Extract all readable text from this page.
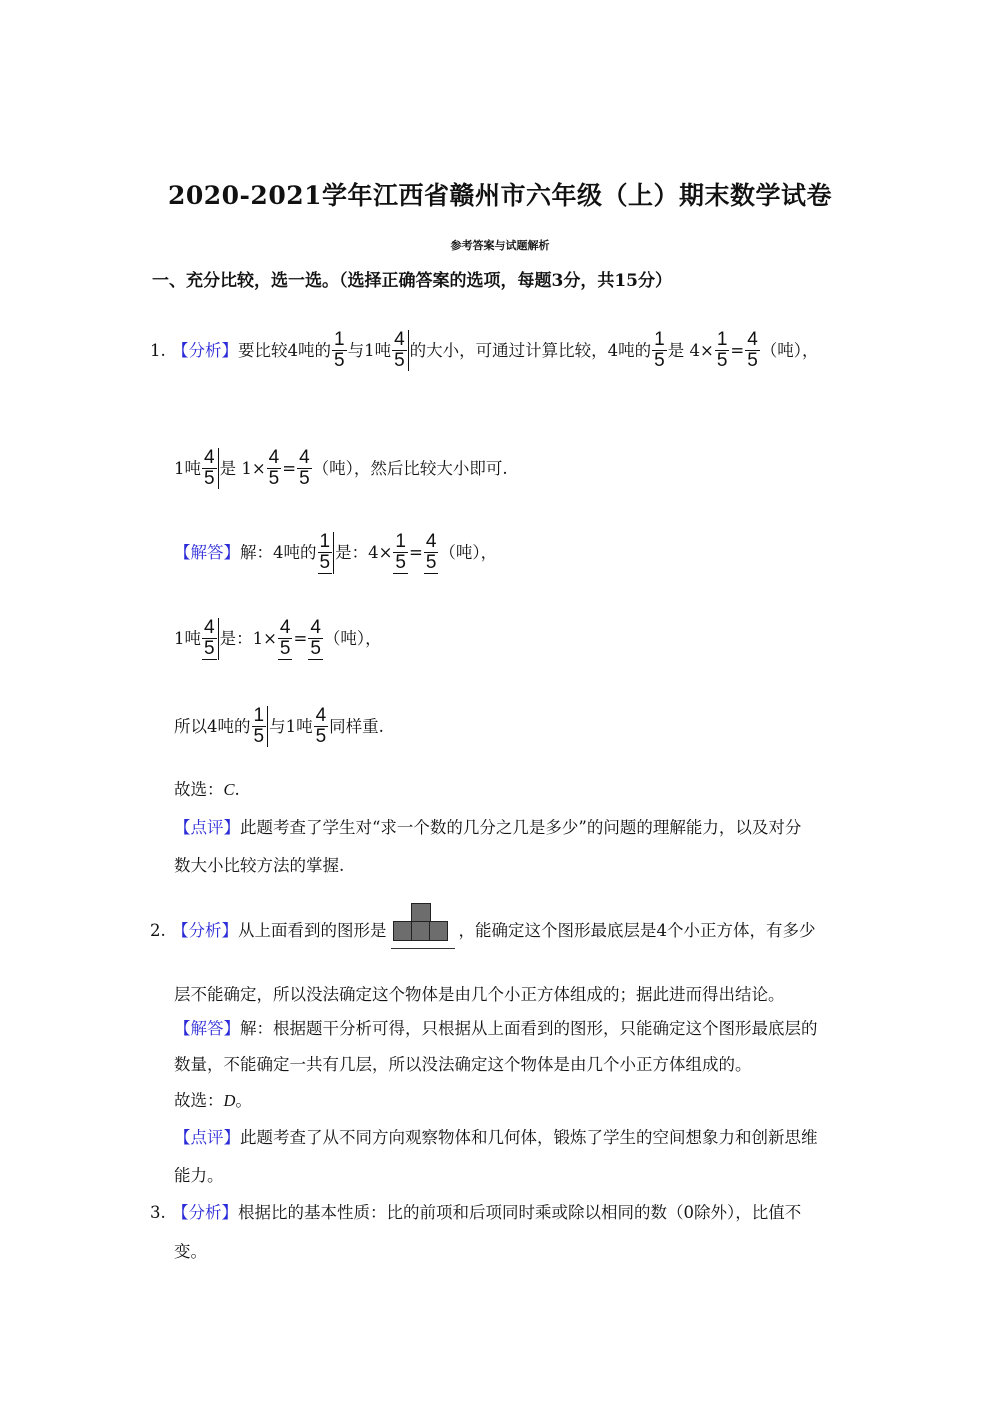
2020-2021学年江西省赣州市六年级（上）期末数学试卷
参考答案与试题解析
一、充分比较，选一选。（选择正确答案的选项，每题3分，共15分）
1. 【分析】 要比较4吨的 $\frac{1}{5}$ 与1吨 $\frac{4}{5}$ 的大小，可通过计算比较，4吨的 $\frac{1}{5}$ 是 $4\times \frac{1}{5} = \frac{4}{5}$ （吨），
1吨 $\frac{4}{5}$ 是 $1\times \frac{4}{5} = \frac{4}{5}$ （吨），然后比较大小即可.
【解答】 解：4吨的 $\frac{1}{5}$ 是：$4\times \frac{1}{5} = \frac{4}{5}$ （吨），
1吨 $\frac{4}{5}$ 是：$1\times \frac{4}{5} = \frac{4}{5}$ （吨），
所以4吨的 $\frac{1}{5}$ 与1吨 $\frac{4}{5}$ 同样重.
故选： C .
【点评】 此题考查了学生对“求一个数的几分之几是多少”的问题的理解能力，以及对分
数大小比较方法的掌握.
2. 【分析】 从上面看到的图形是	，能确定这个图形最底层是4个小正方体，有多少
层不能确定，所以没法确定这个物体是由几个小正方体组成的；据此进而得出结论。
【解答】 解：根据题干分析可得，只根据从上面看到的图形，只能确定这个图形最底层的
数量，不能确定一共有几层，所以没法确定这个物体是由几个小正方体组成的。
故选： D 。
【点评】 此题考查了从不同方向观察物体和几何体，锻炼了学生的空间想象力和创新思维
能力。
3. 【分析】 根据比的基本性质：比的前项和后项同时乘或除以相同的数（0除外），比值不
变。
